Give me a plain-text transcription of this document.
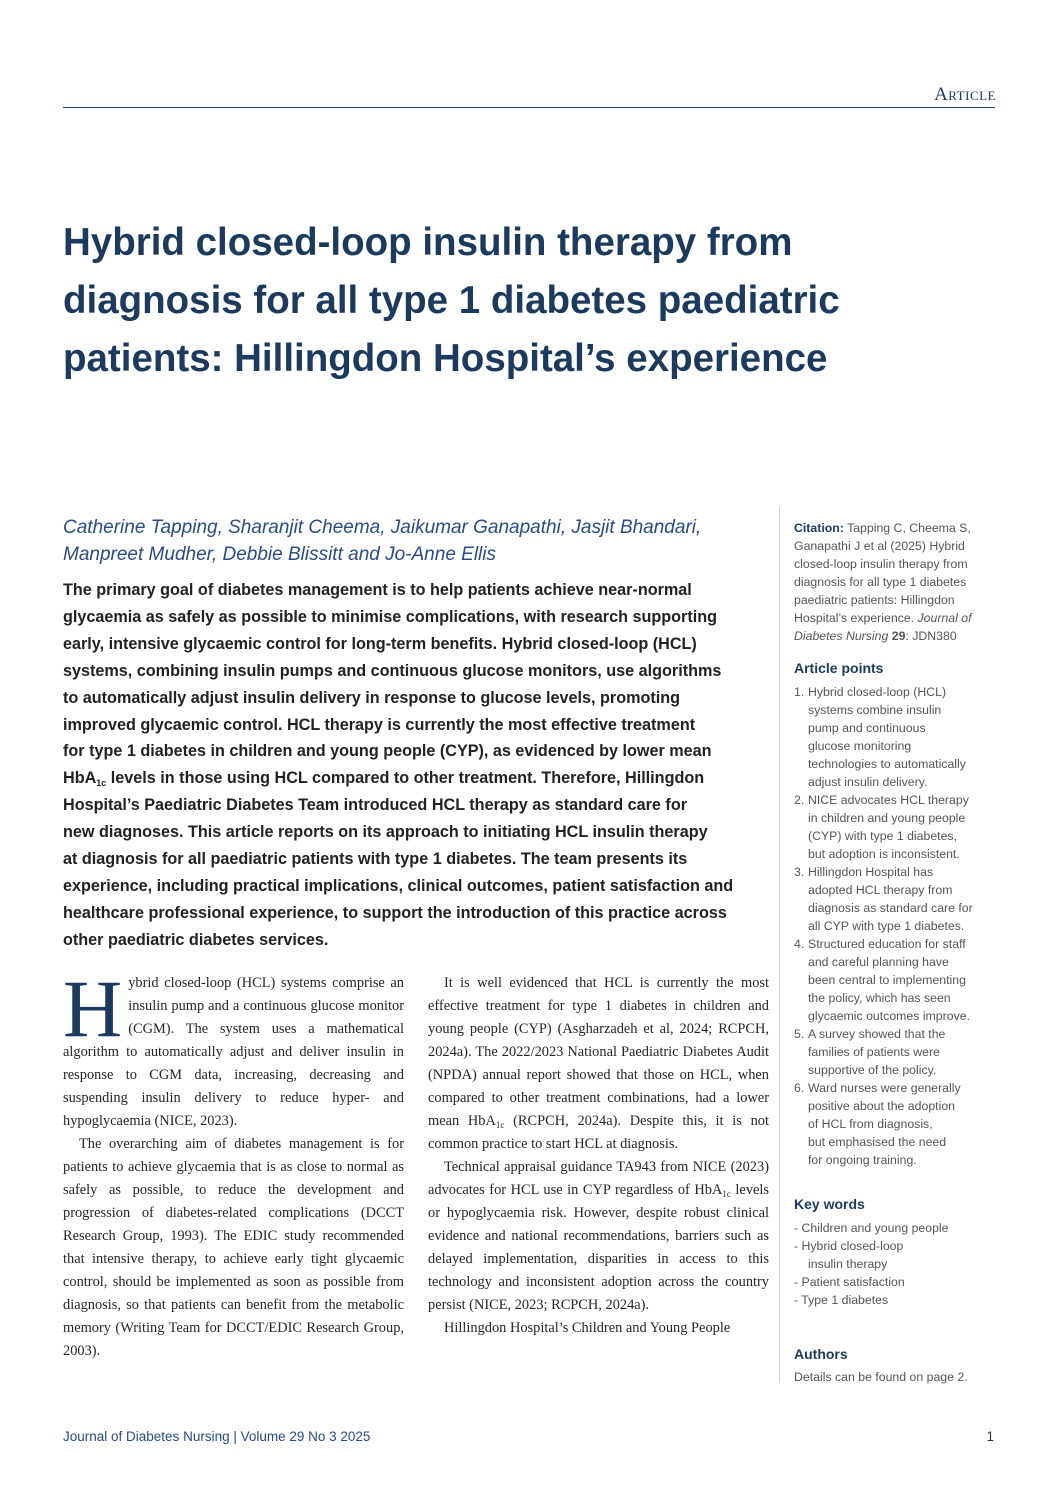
Article
Hybrid closed-loop insulin therapy from
diagnosis for all type 1 diabetes paediatric
patients: Hillingdon Hospital’s experience
Catherine Tapping, Sharanjit Cheema, Jaikumar Ganapathi, Jasjit Bhandari,
Manpreet Mudher, Debbie Blissitt and Jo-Anne Ellis
The primary goal of diabetes management is to help patients achieve near-normal
glycaemia as safely as possible to minimise complications, with research supporting
early, intensive glycaemic control for long-term benefits. Hybrid closed-loop (HCL)
systems, combining insulin pumps and continuous glucose monitors, use algorithms
to automatically adjust insulin delivery in response to glucose levels, promoting
improved glycaemic control. HCL therapy is currently the most effective treatment
for type 1 diabetes in children and young people (CYP), as evidenced by lower mean
HbA$_{1c}$ levels in those using HCL compared to other treatment. Therefore, Hillingdon
Hospital’s Paediatric Diabetes Team introduced HCL therapy as standard care for
new diagnoses. This article reports on its approach to initiating HCL insulin therapy
at diagnosis for all paediatric patients with type 1 diabetes. The team presents its
experience, including practical implications, clinical outcomes, patient satisfaction and
healthcare professional experience, to support the introduction of this practice across
other paediatric diabetes services.

Hybrid closed-loop (HCL) systems comprise an insulin pump and a continuous glucose monitor (CGM). The system uses a mathematical algorithm to automatically adjust and deliver insulin in response to CGM data, increasing, decreasing and suspending insulin delivery to reduce hyper- and hypoglycaemia (NICE, 2023).

The overarching aim of diabetes management is for patients to achieve glycaemia that is as close to normal as safely as possible, to reduce the development and progression of diabetes-related complications (DCCT Research Group, 1993). The EDIC study recommended that intensive therapy, to achieve early tight glycaemic control, should be implemented as soon as possible from diagnosis, so that patients can benefit from the metabolic memory (Writing Team for DCCT/EDIC Research Group, 2003).

It is well evidenced that HCL is currently the most effective treatment for type 1 diabetes in children and young people (CYP) (Asgharzadeh et al, 2024; RCPCH, 2024a). The 2022/2023 National Paediatric Diabetes Audit (NPDA) annual report showed that those on HCL, when compared to other treatment combinations, had a lower mean HbA$_{1c}$ (RCPCH, 2024a). Despite this, it is not common practice to start HCL at diagnosis.

Technical appraisal guidance TA943 from NICE (2023) advocates for HCL use in CYP regardless of HbA$_{1c}$ levels or hypoglycaemia risk. However, despite robust clinical evidence and national recommendations, barriers such as delayed implementation, disparities in access to this technology and inconsistent adoption across the country persist (NICE, 2023; RCPCH, 2024a).

Hillingdon Hospital’s Children and Young People

Citation: Tapping C, Cheema S,
Ganapathi J et al (2025) Hybrid
closed-loop insulin therapy from
diagnosis for all type 1 diabetes
paediatric patients: Hillingdon
Hospital’s experience. Journal of
Diabetes Nursing 29: JDN380

Article points

1. Hybrid closed-loop (HCL)
systems combine insulin
pump and continuous
glucose monitoring
technologies to automatically
adjust insulin delivery.
2. NICE advocates HCL therapy
in children and young people
(CYP) with type 1 diabetes,
but adoption is inconsistent.
3. Hillingdon Hospital has
adopted HCL therapy from
diagnosis as standard care for
all CYP with type 1 diabetes.
4. Structured education for staff
and careful planning have
been central to implementing
the policy, which has seen
glycaemic outcomes improve.
5. A survey showed that the
families of patients were
supportive of the policy.
6. Ward nurses were generally
positive about the adoption
of HCL from diagnosis,
but emphasised the need
for ongoing training.

Key words

- Children and young people
- Hybrid closed-loop
insulin therapy
- Patient satisfaction
- Type 1 diabetes

Authors

Details can be found on page 2.
Journal of Diabetes Nursing | Volume 29 No 3 2025	1
